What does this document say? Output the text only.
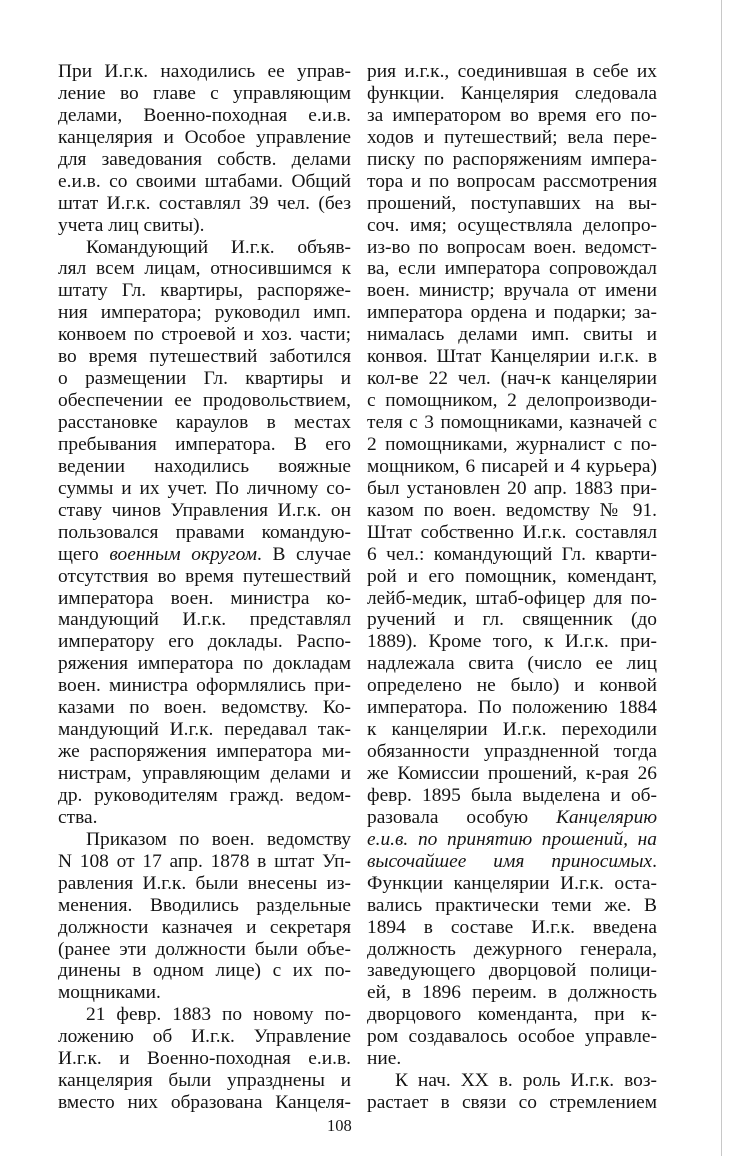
При И.г.к. находились ее управ-
ление во главе с управляющим
делами, Военно-походная е.и.в.
канцелярия и Особое управление
для заведования собств. делами
е.и.в. со своими штабами. Общий
штат И.г.к. составлял 39 чел. (без
учета лиц свиты).
Командующий И.г.к. объяв-
лял всем лицам, относившимся к
штату Гл. квартиры, распоряже-
ния императора; руководил имп.
конвоем по строевой и хоз. части;
во время путешествий заботился
о размещении Гл. квартиры и
обеспечении ее продовольствием,
расстановке караулов в местах
пребывания императора. В его
ведении находились вояжные
суммы и их учет. По личному со-
ставу чинов Управления И.г.к. он
пользовался правами командую-
щего военным округом. В случае
отсутствия во время путешествий
императора воен. министра ко-
мандующий И.г.к. представлял
императору его доклады. Распо-
ряжения императора по докладам
воен. министра оформлялись при-
казами по воен. ведомству. Ко-
мандующий И.г.к. передавал так-
же распоряжения императора ми-
нистрам, управляющим делами и
др. руководителям гражд. ведом-
ства.
Приказом по воен. ведомству
N 108 от 17 апр. 1878 в штат Уп-
равления И.г.к. были внесены из-
менения. Вводились раздельные
должности казначея и секретаря
(ранее эти должности были объе-
динены в одном лице) с их по-
мощниками.
21 февр. 1883 по новому по-
ложению об И.г.к. Управление
И.г.к. и Военно-походная е.и.в.
канцелярия были упразднены и
вместо них образована Канцеля-
рия и.г.к., соединившая в себе их
функции. Канцелярия следовала
за императором во время его по-
ходов и путешествий; вела пере-
писку по распоряжениям импера-
тора и по вопросам рассмотрения
прошений, поступавших на вы-
соч. имя; осуществляла делопро-
из-во по вопросам воен. ведомст-
ва, если императора сопровождал
воен. министр; вручала от имени
императора ордена и подарки; за-
нималась делами имп. свиты и
конвоя. Штат Канцелярии и.г.к. в
кол-ве 22 чел. (нач-к канцелярии
с помощником, 2 делопроизводи-
теля с 3 помощниками, казначей с
2 помощниками, журналист с по-
мощником, 6 писарей и 4 курьера)
был установлен 20 апр. 1883 при-
казом по воен. ведомству № 91.
Штат собственно И.г.к. составлял
6 чел.: командующий Гл. кварти-
рой и его помощник, комендант,
лейб-медик, штаб-офицер для по-
ручений и гл. священник (до
1889). Кроме того, к И.г.к. при-
надлежала свита (число ее лиц
определено не было) и конвой
императора. По положению 1884
к канцелярии И.г.к. переходили
обязанности упраздненной тогда
же Комиссии прошений, к-рая 26
февр. 1895 была выделена и об-
разовала особую Канцелярию
е.и.в. по принятию прошений, на
высочайшее имя приносимых.
Функции канцелярии И.г.к. оста-
вались практически теми же. В
1894 в составе И.г.к. введена
должность дежурного генерала,
заведующего дворцовой полици-
ей, в 1896 переим. в должность
дворцового коменданта, при к-
ром создавалось особое управле-
ние.
К нач. XX в. роль И.г.к. воз-
растает в связи со стремлением
108
